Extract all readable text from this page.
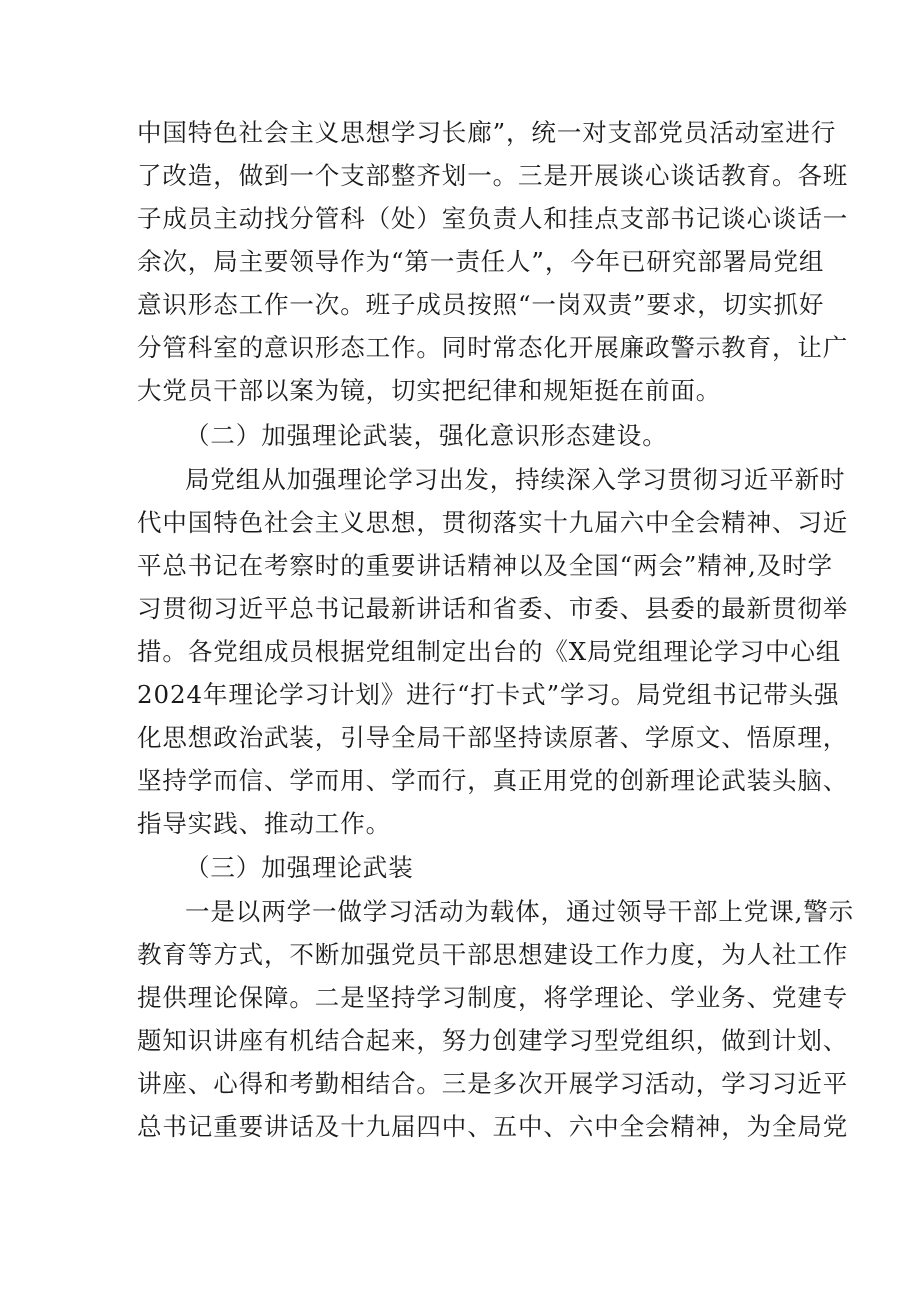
中国特色社会主义思想学习长廊”，统一对支部党员活动室进行

了改造，做到一个支部整齐划一。三是开展谈心谈话教育。各班

子成员主动找分管科（处）室负责人和挂点支部书记谈心谈话一

余次，局主要领导作为“第一责任人”，今年已研究部署局党组

意识形态工作一次。班子成员按照“一岗双责”要求，切实抓好

分管科室的意识形态工作。同时常态化开展廉政警示教育，让广

大党员干部以案为镜，切实把纪律和规矩挺在前面。

（二）加强理论武装，强化意识形态建设。

局党组从加强理论学习出发，持续深入学习贯彻习近平新时

代中国特色社会主义思想，贯彻落实十九届六中全会精神、习近

平总书记在考察时的重要讲话精神以及全国“两会”精神,及时学

习贯彻习近平总书记最新讲话和省委、市委、县委的最新贯彻举

措。各党组成员根据党组制定出台的《X局党组理论学习中心组

2024年理论学习计划》进行“打卡式”学习。局党组书记带头强

化思想政治武装，引导全局干部坚持读原著、学原文、悟原理，

坚持学而信、学而用、学而行，真正用党的创新理论武装头脑、

指导实践、推动工作。

（三）加强理论武装

一是以两学一做学习活动为载体，通过领导干部上党课,警示

教育等方式，不断加强党员干部思想建设工作力度，为人社工作

提供理论保障。二是坚持学习制度，将学理论、学业务、党建专

题知识讲座有机结合起来，努力创建学习型党组织，做到计划、

讲座、心得和考勤相结合。三是多次开展学习活动，学习习近平

总书记重要讲话及十九届四中、五中、六中全会精神，为全局党
